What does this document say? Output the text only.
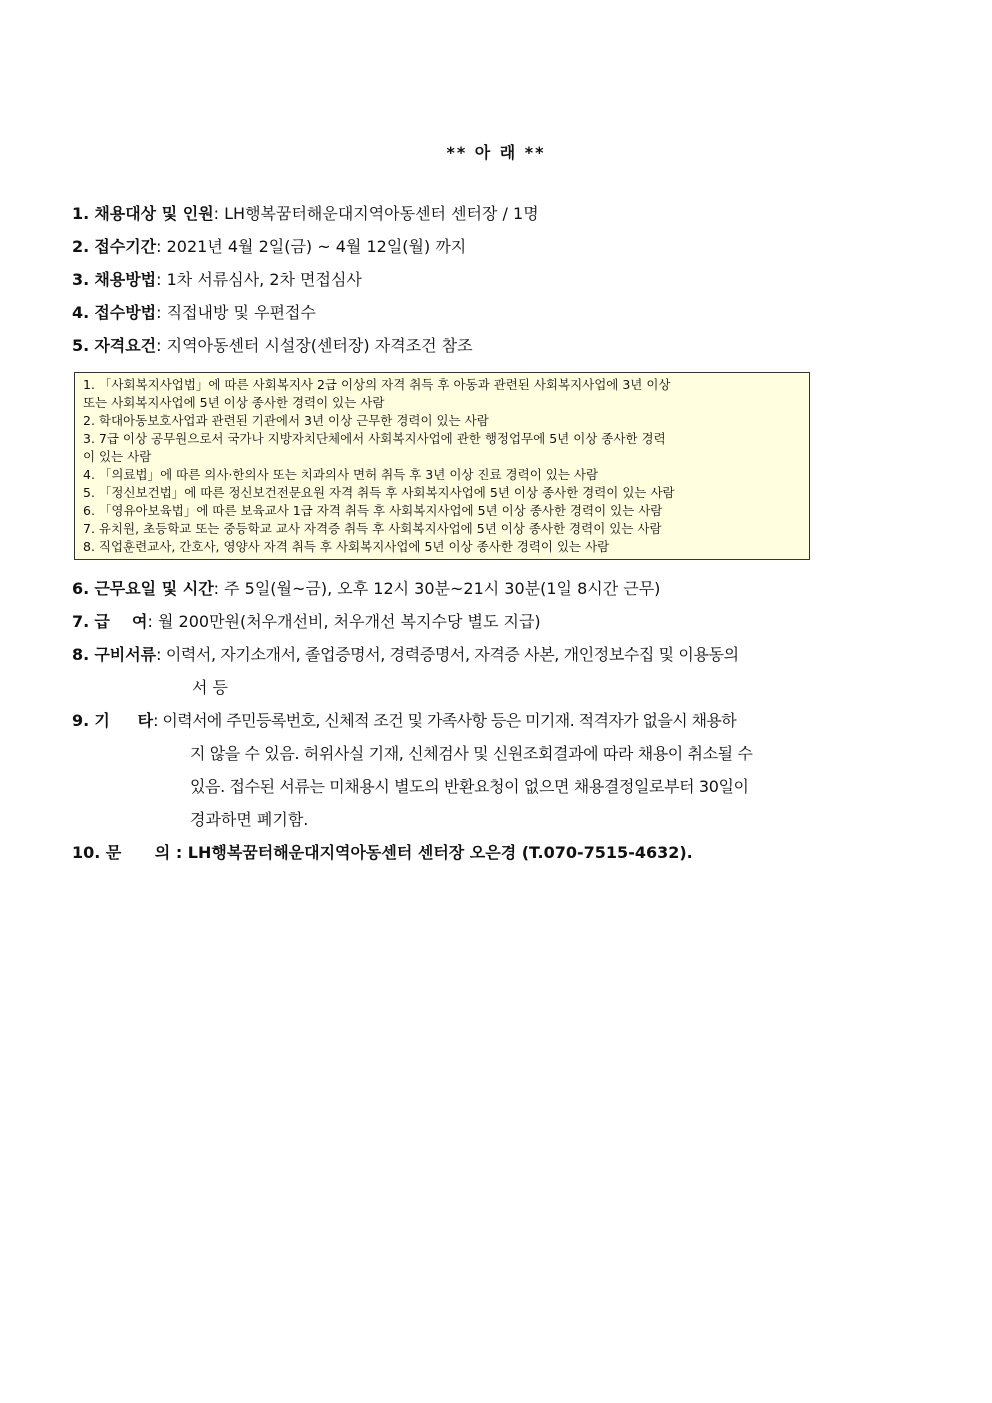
** 아 래 **
1. 채용대상 및 인원: LH행복꿈터해운대지역아동센터 센터장 / 1명
2. 접수기간: 2021년 4월 2일(금) ~ 4월 12일(월) 까지
3. 채용방법: 1차 서류심사, 2차 면접심사
4. 접수방법: 직접내방 및 우편접수
5. 자격요건: 지역아동센터 시설장(센터장) 자격조건 참조
1. 「사회복지사업법」에 따른 사회복지사 2급 이상의 자격 취득 후 아동과 관련된 사회복지사업에 3년 이상
또는 사회복지사업에 5년 이상 종사한 경력이 있는 사람
2. 학대아동보호사업과 관련된 기관에서 3년 이상 근무한 경력이 있는 사람
3. 7급 이상 공무원으로서 국가나 지방자치단체에서 사회복지사업에 관한 행정업무에 5년 이상 종사한 경력
이 있는 사람
4. 「의료법」에 따른 의사·한의사 또는 치과의사 면허 취득 후 3년 이상 진료 경력이 있는 사람
5. 「정신보건법」에 따른 정신보건전문요원 자격 취득 후 사회복지사업에 5년 이상 종사한 경력이 있는 사람
6. 「영유아보육법」에 따른 보육교사 1급 자격 취득 후 사회복지사업에 5년 이상 종사한 경력이 있는 사람
7. 유치원, 초등학교 또는 중등학교 교사 자격증 취득 후 사회복지사업에 5년 이상 종사한 경력이 있는 사람
8. 직업훈련교사, 간호사, 영양사 자격 취득 후 사회복지사업에 5년 이상 종사한 경력이 있는 사람
6. 근무요일 및 시간: 주 5일(월~금), 오후 12시 30분~21시 30분(1일 8시간 근무)
7. 급    여: 월 200만원(처우개선비, 처우개선 복지수당 별도 지급)
8. 구비서류: 이력서, 자기소개서, 졸업증명서, 경력증명서, 자격증 사본, 개인정보수집 및 이용동의
서 등
9. 기     타: 이력서에 주민등록번호, 신체적 조건 및 가족사항 등은 미기재. 적격자가 없을시 채용하
지 않을 수 있음. 허위사실 기재, 신체검사 및 신원조회결과에 따라 채용이 취소될 수
있음. 접수된 서류는 미채용시 별도의 반환요청이 없으면 채용결정일로부터 30일이
경과하면 폐기함.
10. 문      의 : LH행복꿈터해운대지역아동센터 센터장 오은경 (T.070-7515-4632).
